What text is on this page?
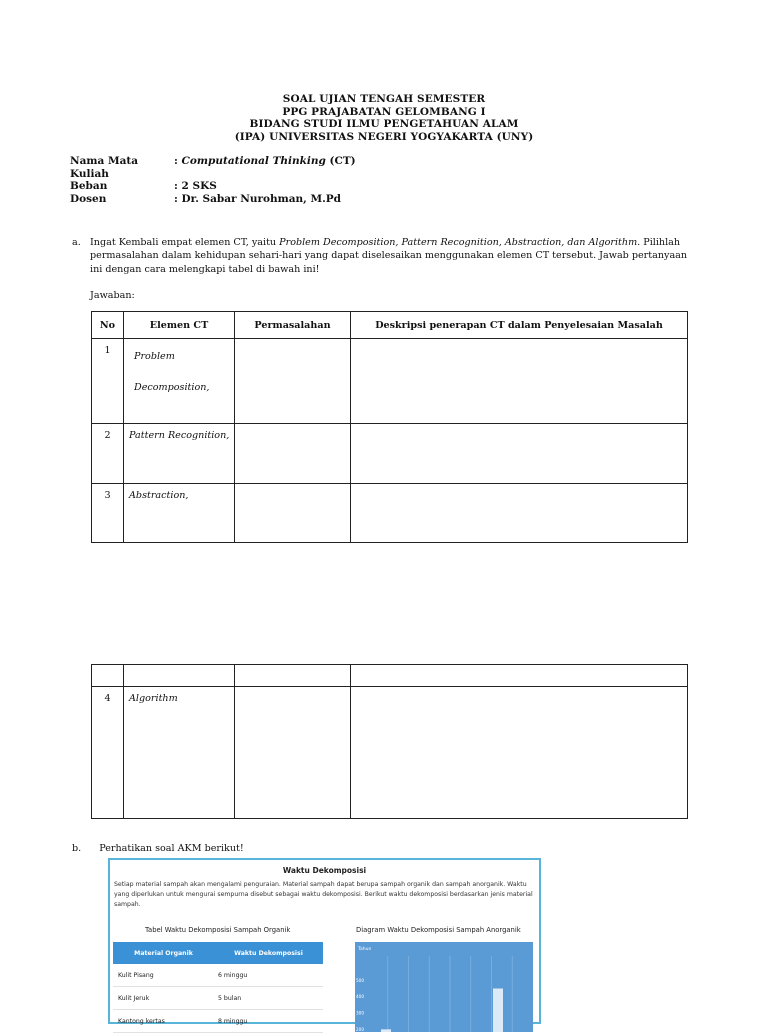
SOAL UJIAN TENGAH SEMESTER
PPG PRAJABATAN GELOMBANG I
BIDANG STUDI ILMU PENGETAHUAN ALAM
(IPA) UNIVERSITAS NEGERI YOGYAKARTA (UNY)
Nama Mata Kuliah
: Computational Thinking (CT)
Beban	: 2 SKS
Dosen	: Dr. Sabar Nurohman, M.Pd
a. Ingat Kembali empat elemen CT, yaitu Problem Decomposition, Pattern Recognition, Abstraction, dan Algorithm. Pilihlah permasalahan dalam kehidupan sehari-hari yang dapat diselesaikan menggunakan elemen CT tersebut. Jawab pertanyaan ini dengan cara melengkapi tabel di bawah ini!
Jawaban:
No	Elemen CT	Permasalahan	Deskripsi penerapan CT dalam Penyelesaian Masalah

1	Problem

Decomposition,		

2	Pattern Recognition,		

3	Abstraction,		

4	Algorithm		

b. Perhatikan soal AKM berikut!
Waktu Dekomposisi
Setiap material sampah akan mengalami penguraian. Material sampah dapat berupa sampah organik dan sampah anorganik. Waktu yang diperlukan untuk mengurai sempurna disebut sebagai waktu dekomposisi. Berikut waktu dekomposisi berdasarkan jenis material sampah.
Tabel Waktu Dekomposisi Sampah Organik	Diagram Waktu Dekomposisi Sampah Anorganik
Material Organik	Waktu Dekomposisi
Kulit Pisang	6 minggu
Kulit Jeruk	5 bulan
Kantong kertas	8 minggu
Tahun
500
400
300
200
